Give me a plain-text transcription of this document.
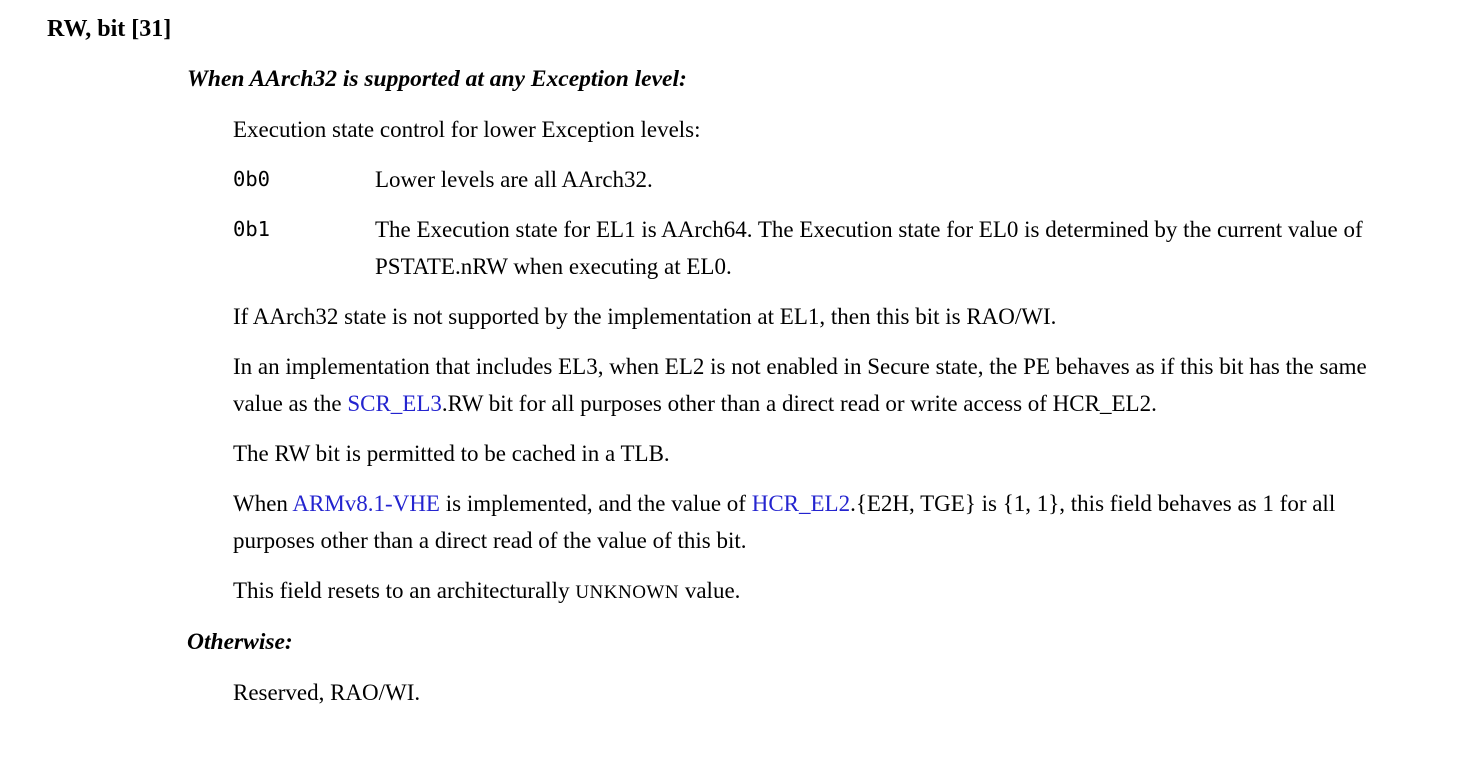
RW, bit [31]
When AArch32 is supported at any Exception level:

Execution state control for lower Exception levels:

0b0	Lower levels are all AArch32.
0b1	The Execution state for EL1 is AArch64. The Execution state for EL0 is determined by the current value of PSTATE.nRW when executing at EL0.

If AArch32 state is not supported by the implementation at EL1, then this bit is RAO/WI.

In an implementation that includes EL3, when EL2 is not enabled in Secure state, the PE behaves as if this bit has the same value as the SCR_EL3.RW bit for all purposes other than a direct read or write access of HCR_EL2.

The RW bit is permitted to be cached in a TLB.

When ARMv8.1-VHE is implemented, and the value of HCR_EL2.{E2H, TGE} is {1, 1}, this field behaves as 1 for all purposes other than a direct read of the value of this bit.

This field resets to an architecturally UNKNOWN value.

Otherwise:

Reserved, RAO/WI.
